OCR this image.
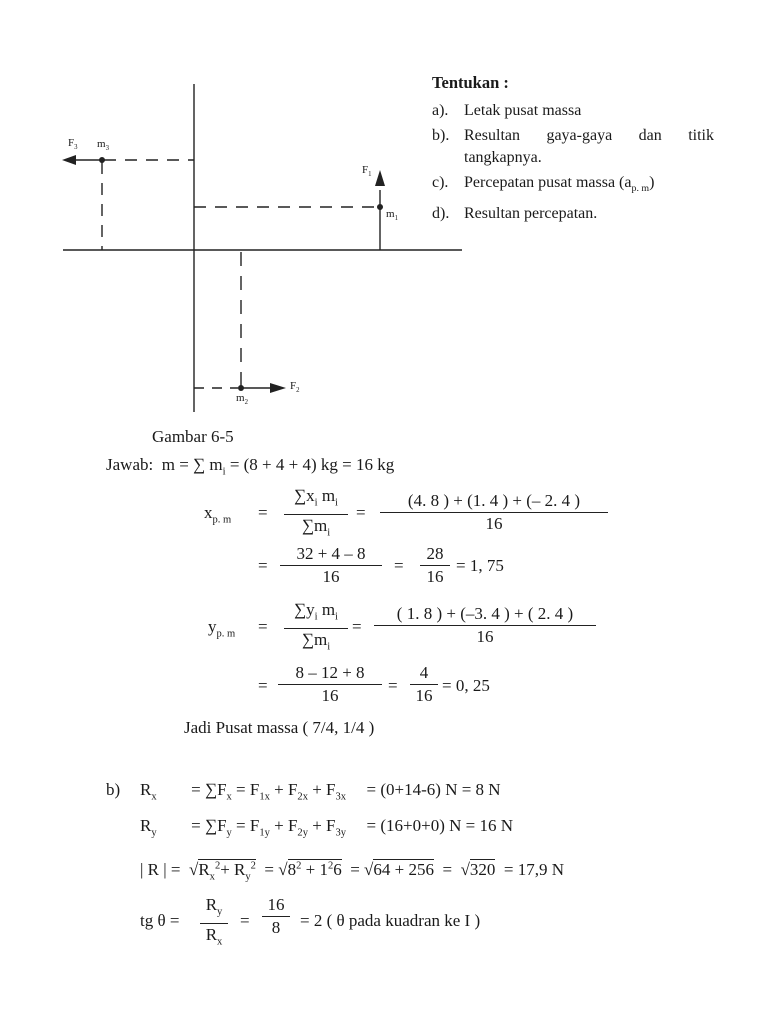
$F_3$ $m_3$
$F_1$
$m_1$
$m_2$
$F_2$
Tentukan :
a). Letak pusat massa
b). Resultan gaya-gaya dan titik tangkapnya.
c). Percepatan pusat massa $(a_{p. m})$
d). Resultan percepatan.
Gambar 6-5
Jawab: m = ∑ $m_i = (8 + 4 + 4)$ kg = 16 kg
$x_{p. m}$ =
$\sum x_i$ $m_i$
$\sum m_i$
=
(4. 8 ) + (1. 4 ) + (– 2. 4 )
16
=
32 + 4 – 8
16
=
28
16
= 1, 75
$y_{p. m}$ =
$\sum y_i$ $m_i$
$\sum m_i$
=
( 1. 8 ) + (–3. 4 ) + ( 2. 4 )
16
=
8 – 12 + 8
16
=
4
16
= 0, 25
Jadi Pusat massa ( 7/4, 1/4 )
b) $R_x = \sum F_x = F_{1x} + F_{2x} + F_{3x} = (0+14-6) N = 8$ N
$R_y = \sum F_y = F_{1y} + F_{2y} + F_{3y} = (16+0+0) N = 16$ N
| R | =  $√R_x^2+ R_y^2 = √8^2 + 1^26 = √64 + 256 = √320 = 17,9$ N
tg θ =
$R_y$
$R_x$
=
16
8	= 2 ( θ pada kuadran ke I )
